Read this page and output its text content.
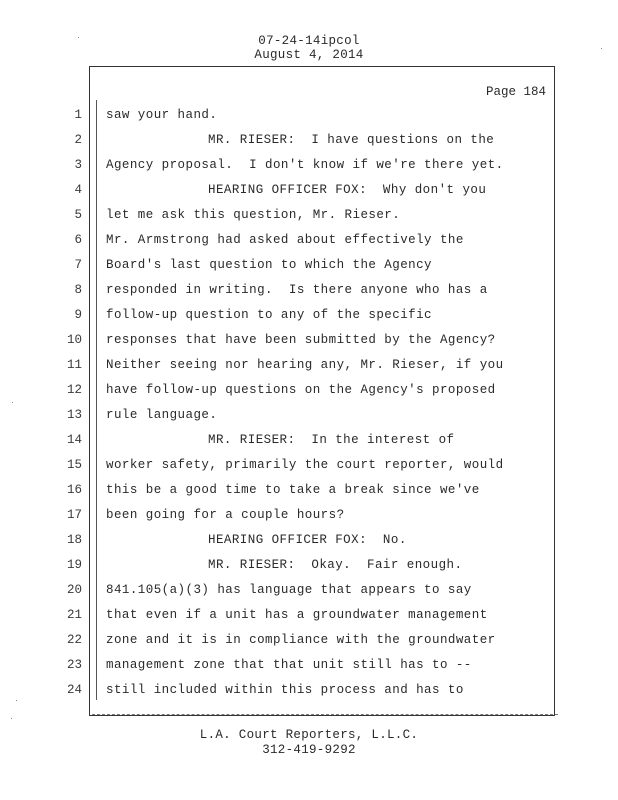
07-24-14ipcol
August 4, 2014
Page 184
1 saw your hand.
2	MR. RIESER:  I have questions on the
3 Agency proposal.  I don't know if we're there yet.
4	HEARING OFFICER FOX:  Why don't you
5 let me ask this question, Mr. Rieser.
6 Mr. Armstrong had asked about effectively the
7 Board's last question to which the Agency
8 responded in writing.  Is there anyone who has a
9 follow-up question to any of the specific
10 responses that have been submitted by the Agency?
11 Neither seeing nor hearing any, Mr. Rieser, if you
12 have follow-up questions on the Agency's proposed
13 rule language.
14	MR. RIESER:  In the interest of
15 worker safety, primarily the court reporter, would
16 this be a good time to take a break since we've
17 been going for a couple hours?
18	HEARING OFFICER FOX:  No.
19	MR. RIESER:  Okay.  Fair enough.
20 841.105(a)(3) has language that appears to say
21 that even if a unit has a groundwater management
22 zone and it is in compliance with the groundwater
23 management zone that that unit still has to --
24 still included within this process and has to
L.A. Court Reporters, L.L.C.
312-419-9292
